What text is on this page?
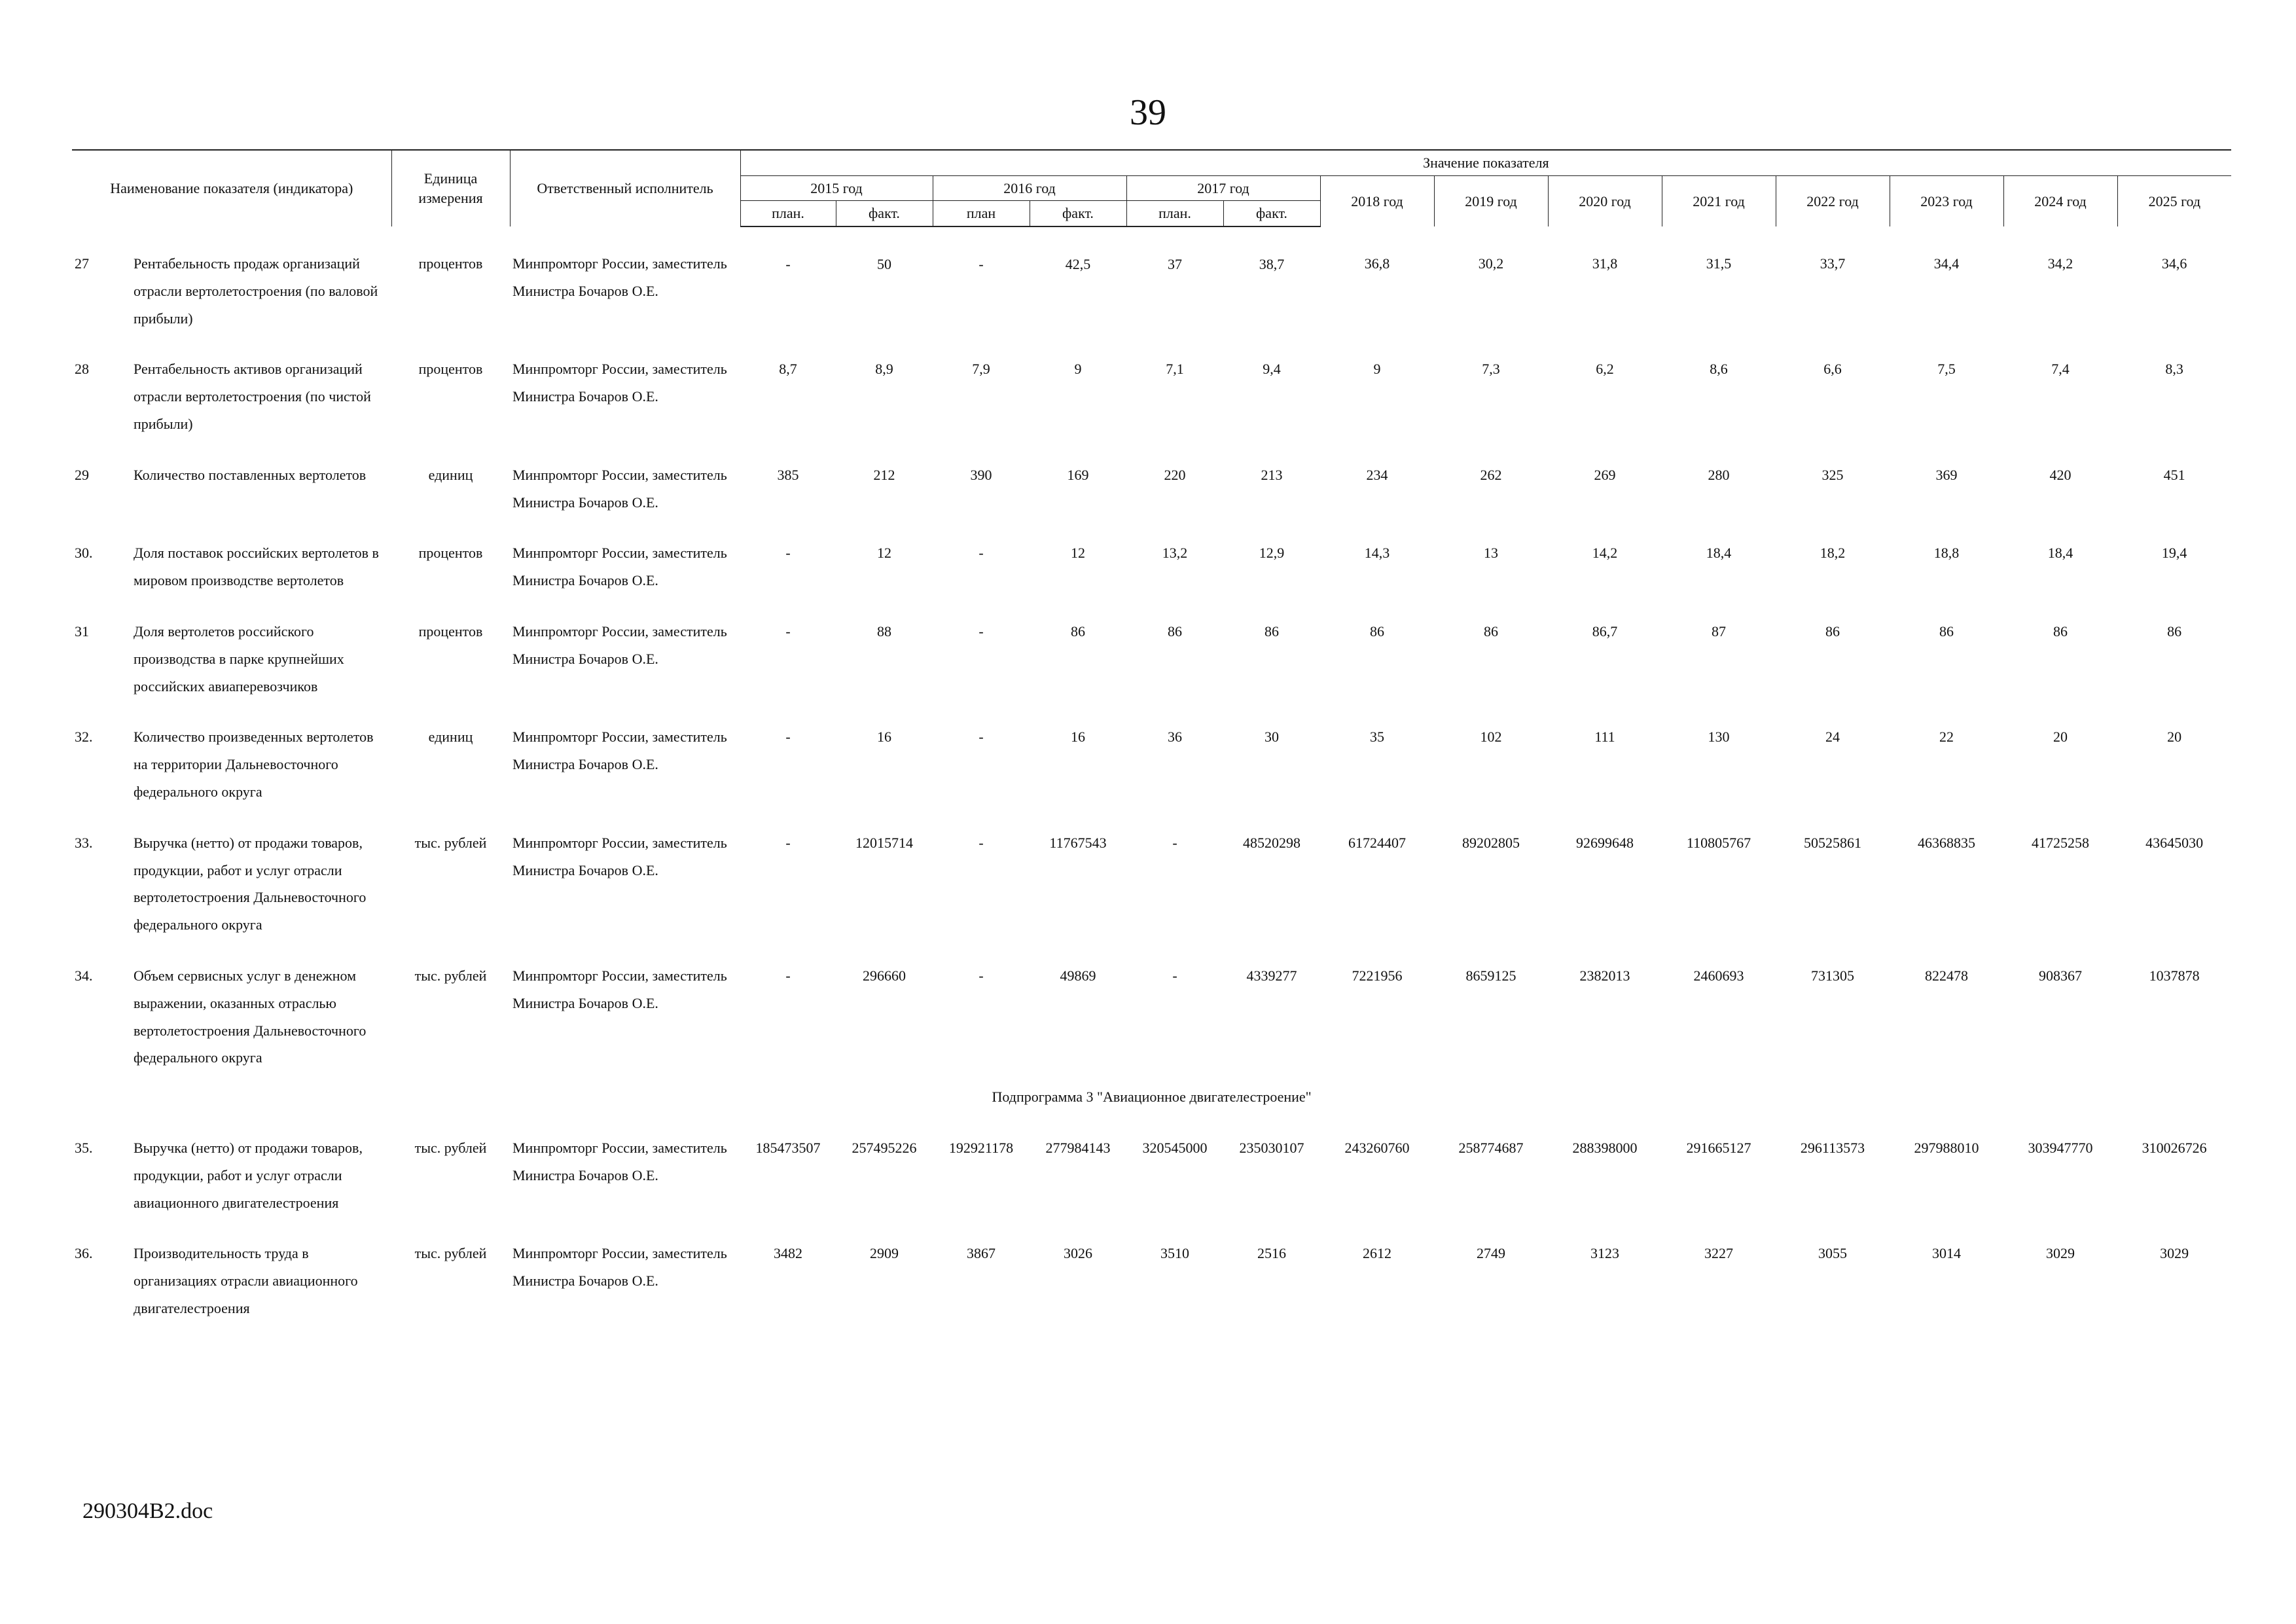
39
Наименование показателя (индикатора)		Единица измерения	Ответственный исполнитель	Значение показателя													
				2015 год		2016 год		2017 год		2018 год	2019 год	2020 год	2021 год	2022 год	2023 год	2024 год	2025 год
				план.	факт.	план	факт.	план.	факт.								
27	Рентабельность продаж организаций отрасли вертолетостроения (по валовой прибыли)	процентов	Минпромторг России, заместитель Министра Бочаров О.Е.	-	50	-	42,5	37	38,7	36,8	30,2	31,8	31,5	33,7	34,4	34,2	34,6
28	Рентабельность активов организаций отрасли вертолетостроения (по чистой прибыли)	процентов	Минпромторг России, заместитель Министра Бочаров О.Е.	8,7	8,9	7,9	9	7,1	9,4	9	7,3	6,2	8,6	6,6	7,5	7,4	8,3
29	Количество поставленных вертолетов	единиц	Минпромторг России, заместитель Министра Бочаров О.Е.	385	212	390	169	220	213	234	262	269	280	325	369	420	451
30.	Доля поставок российских вертолетов в мировом производстве вертолетов	процентов	Минпромторг России, заместитель Министра Бочаров О.Е.	-	12	-	12	13,2	12,9	14,3	13	14,2	18,4	18,2	18,8	18,4	19,4
31	Доля вертолетов российского производства в парке крупнейших российских авиаперевозчиков	процентов	Минпромторг России, заместитель Министра Бочаров О.Е.	-	88	-	86	86	86	86	86	86,7	87	86	86	86	86
32.	Количество произведенных вертолетов на территории Дальневосточного федерального округа	единиц	Минпромторг России, заместитель Министра Бочаров О.Е.	-	16	-	16	36	30	35	102	111	130	24	22	20	20
33.	Выручка (нетто) от продажи товаров, продукции, работ и услуг отрасли вертолетостроения Дальневосточного федерального округа	тыс. рублей	Минпромторг России, заместитель Министра Бочаров О.Е.	-	12015714	-	11767543	-	48520298	61724407	89202805	92699648	110805767	50525861	46368835	41725258	43645030
34.	Объем сервисных услуг в денежном выражении, оказанных отраслью вертолетостроения Дальневосточного федерального округа	тыс. рублей	Минпромторг России, заместитель Министра Бочаров О.Е.	-	296660	-	49869	-	4339277	7221956	8659125	2382013	2460693	731305	822478	908367	1037878
Подпрограмма 3 "Авиационное двигателестроение"																	
35.	Выручка (нетто) от продажи товаров, продукции, работ и услуг отрасли авиационного двигателестроения	тыс. рублей	Минпромторг России, заместитель Министра Бочаров О.Е.	185473507	257495226	192921178	277984143	320545000	235030107	243260760	258774687	288398000	291665127	296113573	297988010	303947770	310026726
36.	Производительность труда в организациях отрасли авиационного двигателестроения	тыс. рублей	Минпромторг России, заместитель Министра Бочаров О.Е.	3482	2909	3867	3026	3510	2516	2612	2749	3123	3227	3055	3014	3029	3029
290304B2.doc
